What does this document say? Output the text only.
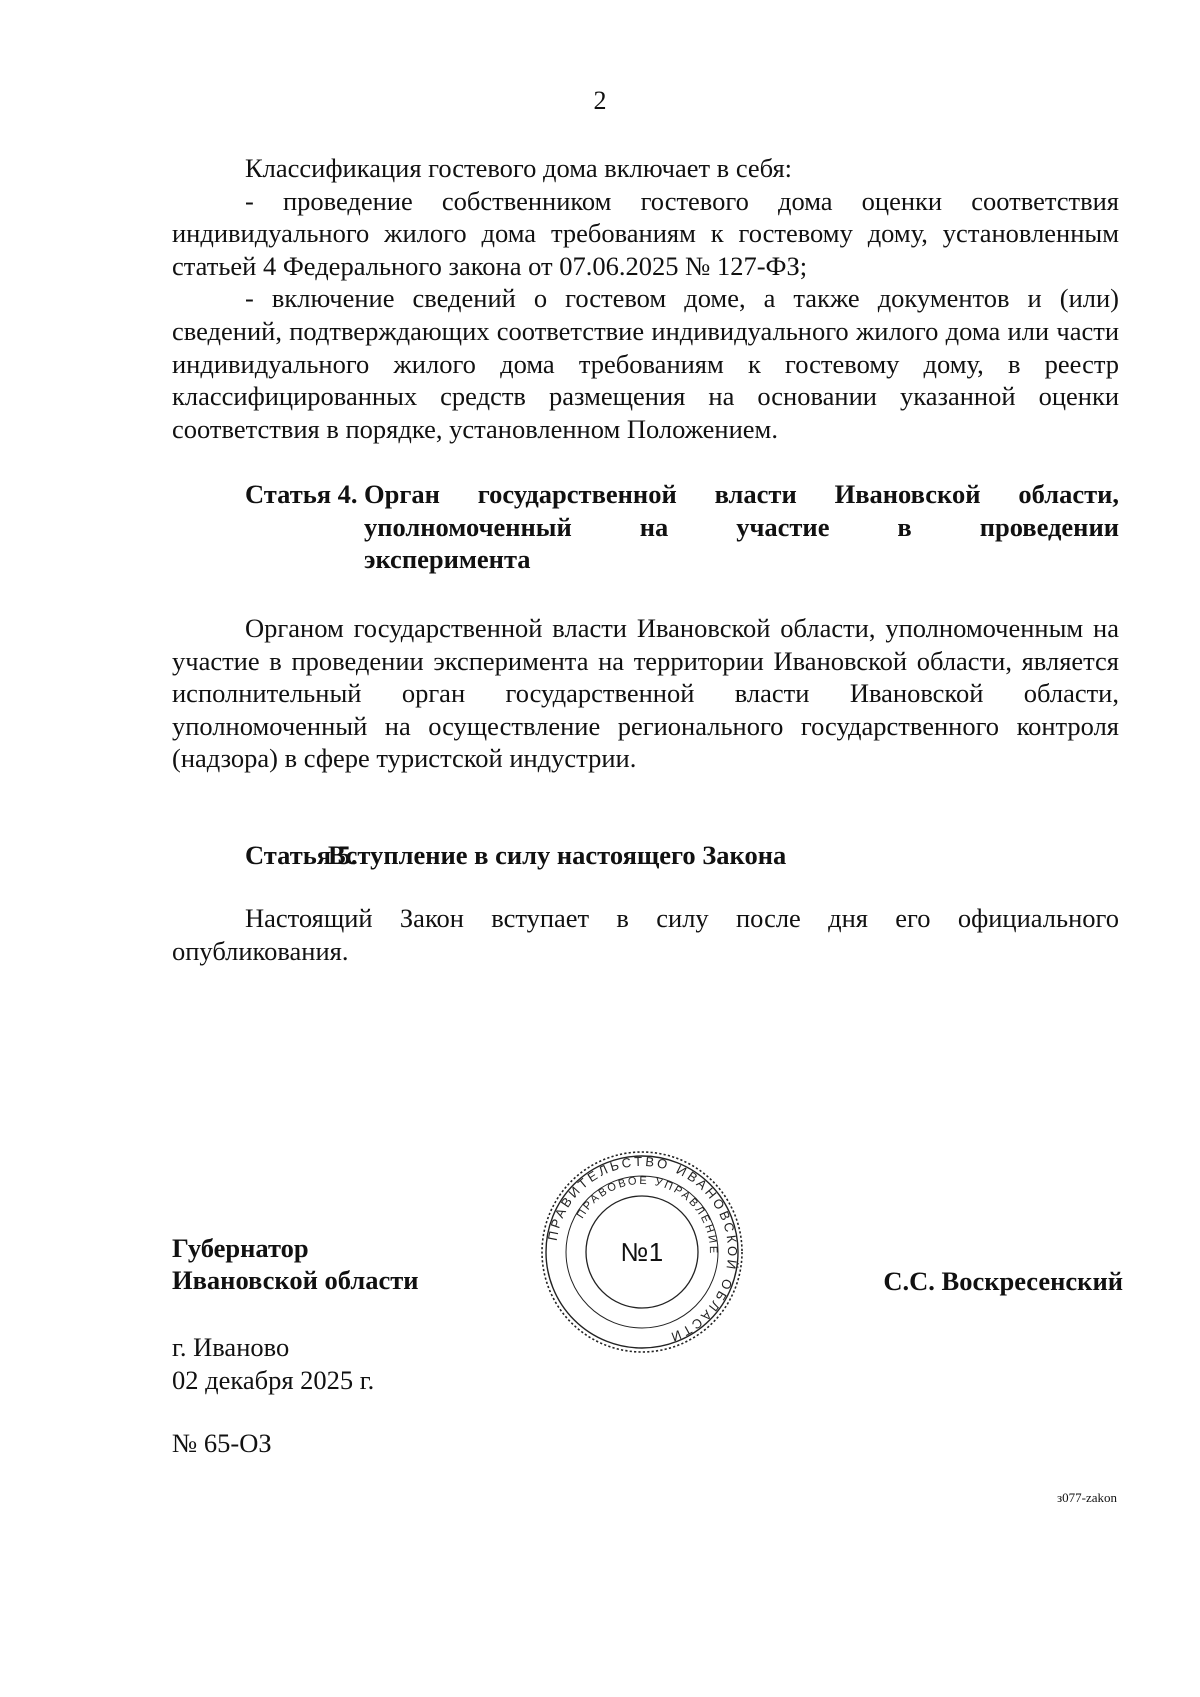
2

Классификация гостевого дома включает в себя:

- проведение собственником гостевого дома оценки соответствия индивидуального жилого дома требованиям к гостевому дому, установленным статьей 4 Федерального закона от 07.06.2025 № 127-ФЗ;

- включение сведений о гостевом доме, а также документов и (или) сведений, подтверждающих соответствие индивидуального жилого дома или части индивидуального жилого дома требованиям к гостевому дому, в реестр классифицированных средств размещения на основании указанной оценки соответствия в порядке, установленном Положением.

Статья 4. Орган государственной власти Ивановской области,
уполномоченный на участие в проведении
эксперимента

Органом государственной власти Ивановской области, уполномоченным на участие в проведении эксперимента на территории Ивановской области, является исполнительный орган государственной власти Ивановской области, уполномоченный на осуществление регионального государственного контроля (надзора) в сфере туристской индустрии.

Статья 5.
Вступление в силу настоящего Закона

Настоящий Закон вступает в силу после дня его официального опубликования.

Губернатор
Ивановской области
ПРАВИТЕЛЬСТВО ИВАНОВСКОЙ ОБЛАСТИ
ПРАВОВОЕ УПРАВЛЕНИЕ
№1
С.С. Воскресенский
г. Иваново
02 декабря 2025 г.
№ 65-ОЗ
з077-zakon
